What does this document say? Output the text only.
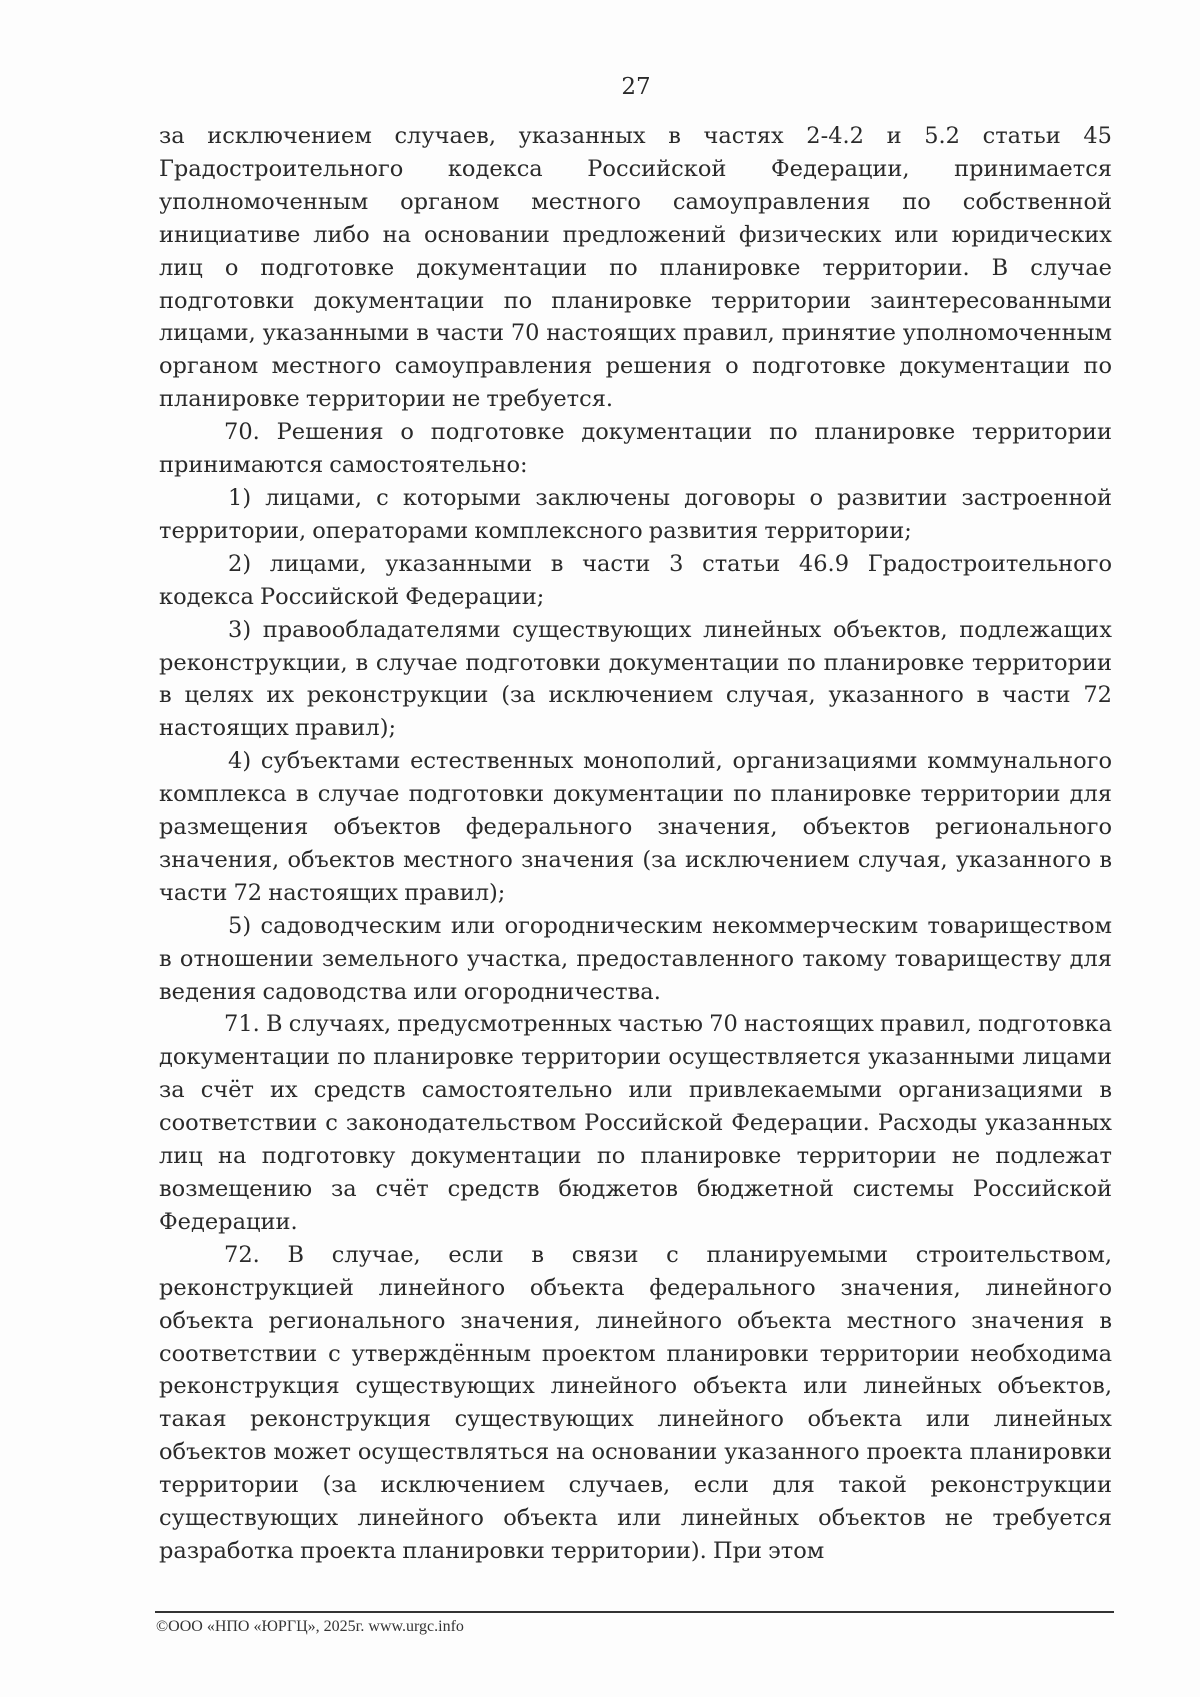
27

за исключением случаев, указанных в частях 2-4.2 и 5.2 статьи 45 Градостроительного кодекса Российской Федерации, принимается уполномоченным органом местного самоуправления по собственной инициативе либо на основании предложений физических или юридических лиц о подготовке документации по планировке территории. В случае подготовки документации по планировке территории заинтересованными лицами, указанными в части 70 настоящих правил, принятие уполномоченным органом местного самоуправления решения о подготовке документации по планировке территории не требуется.

70. Решения о подготовке документации по планировке территории принимаются самостоятельно:

1) лицами, с которыми заключены договоры о развитии застроенной территории, операторами комплексного развития территории;

2) лицами, указанными в части 3 статьи 46.9 Градостроительного кодекса Российской Федерации;

3) правообладателями существующих линейных объектов, подлежащих реконструкции, в случае подготовки документации по планировке территории в целях их реконструкции (за исключением случая, указанного в части 72 настоящих правил);

4) субъектами естественных монополий, организациями коммунального комплекса в случае подготовки документации по планировке территории для размещения объектов федерального значения, объектов регионального значения, объектов местного значения (за исключением случая, указанного в части 72 настоящих правил);

5) садоводческим или огородническим некоммерческим товариществом в отношении земельного участка, предоставленного такому товариществу для ведения садоводства или огородничества.

71. В случаях, предусмотренных частью 70 настоящих правил, подготовка документации по планировке территории осуществляется указанными лицами за счёт их средств самостоятельно или привлекаемыми организациями в соответствии с законодательством Российской Федерации. Расходы указанных лиц на подготовку документации по планировке территории не подлежат возмещению за счёт средств бюджетов бюджетной системы Российской Федерации.

72. В случае, если в связи с планируемыми строительством, реконструкцией линейного объекта федерального значения, линейного объекта регионального значения, линейного объекта местного значения в соответствии с утверждённым проектом планировки территории необходима реконструкция существующих линейного объекта или линейных объектов, такая реконструкция существующих линейного объекта или линейных объектов может осуществляться на основании указанного проекта планировки территории (за исключением случаев, если для такой реконструкции существующих линейного объекта или линейных объектов не требуется разработка проекта планировки территории). При этом

©ООО «НПО «ЮРГЦ», 2025г. www.urgc.info
